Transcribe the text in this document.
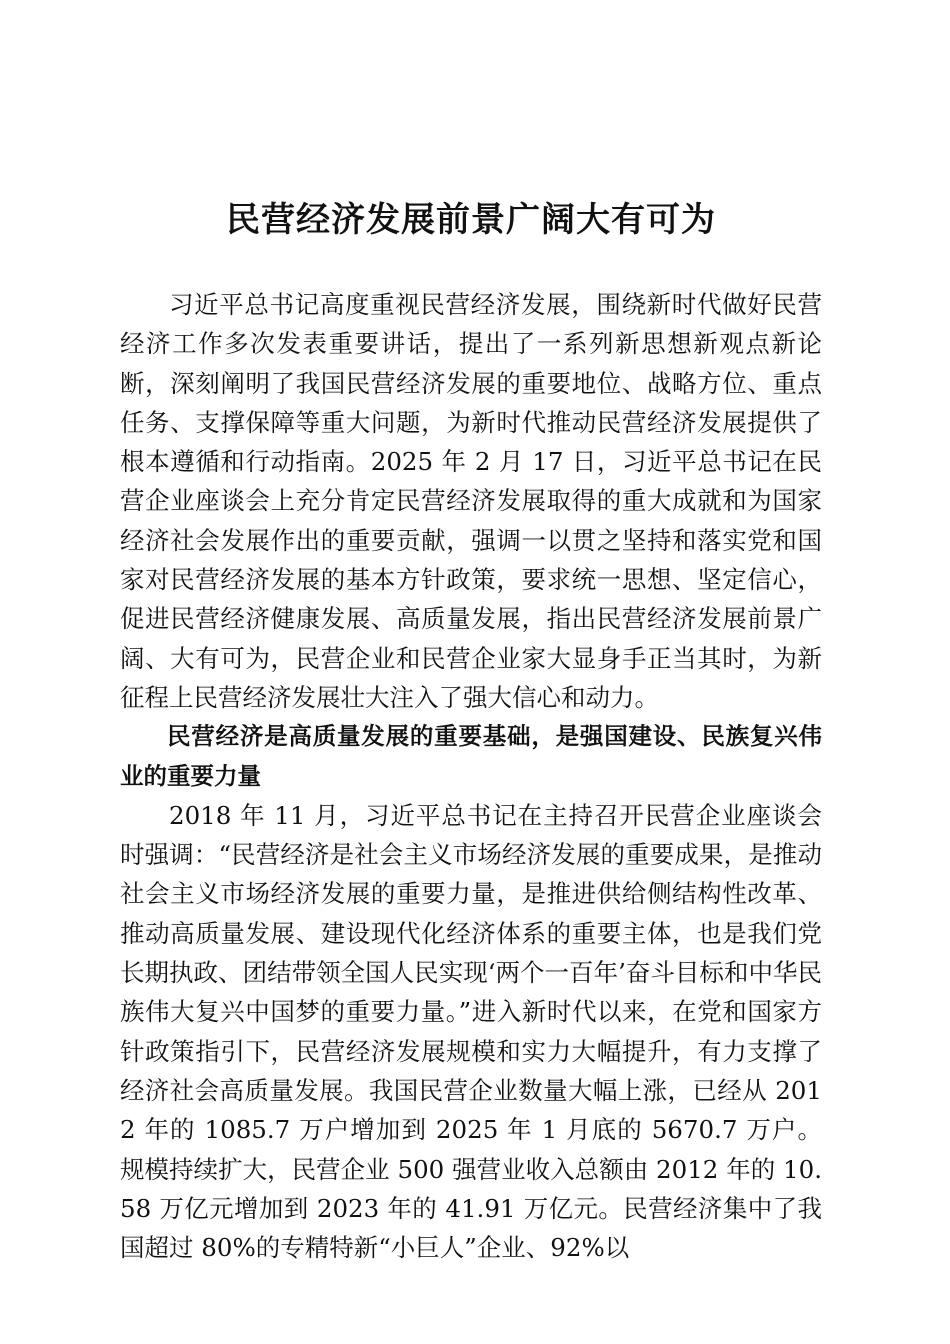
民营经济发展前景广阔大有可为

习近平总书记高度重视民营经济发展，围绕新时代做好民营经济工作多次发表重要讲话，提出了一系列新思想新观点新论断，深刻阐明了我国民营经济发展的重要地位、战略方位、重点任务、支撑保障等重大问题，为新时代推动民营经济发展提供了根本遵循和行动指南。2025 年 2 月 17 日，习近平总书记在民营企业座谈会上充分肯定民营经济发展取得的重大成就和为国家经济社会发展作出的重要贡献，强调一以贯之坚持和落实党和国家对民营经济发展的基本方针政策，要求统一思想、坚定信心，促进民营经济健康发展、高质量发展，指出民营经济发展前景广阔、大有可为，民营企业和民营企业家大显身手正当其时，为新征程上民营经济发展壮大注入了强大信心和动力。

民营经济是高质量发展的重要基础，是强国建设、民族复兴伟业的重要力量

2018 年 11 月，习近平总书记在主持召开民营企业座谈会时强调：“民营经济是社会主义市场经济发展的重要成果，是推动社会主义市场经济发展的重要力量，是推进供给侧结构性改革、推动高质量发展、建设现代化经济体系的重要主体，也是我们党长期执政、团结带领全国人民实现‘两个一百年’奋斗目标和中华民族伟大复兴中国梦的重要力量。”进入新时代以来，在党和国家方针政策指引下，民营经济发展规模和实力大幅提升，有力支撑了经济社会高质量发展。我国民营企业数量大幅上涨，已经从 2012 年的 1085.7 万户增加到 2025 年 1 月底的 5670.7 万户。规模持续扩大，民营企业 500 强营业收入总额由 2012 年的 10.58 万亿元增加到 2023 年的 41.91 万亿元。民营经济集中了我国超过 80%的专精特新“小巨人”企业、92%以
